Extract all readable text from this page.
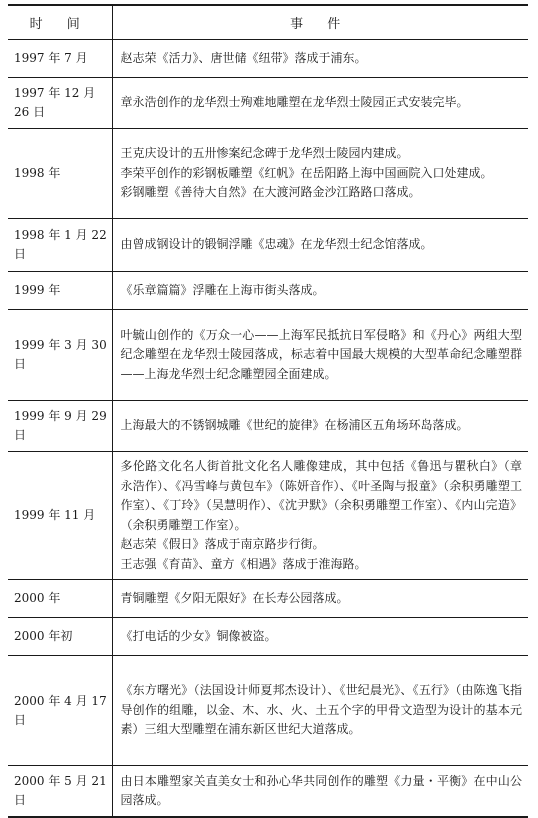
时 间	事 件
1997 年 7 月	赵志荣《活力》、唐世储《纽带》落成于浦东。

1997 年 12 月 26 日	章永浩创作的龙华烈士殉难地雕塑在龙华烈士陵园正式安装完毕。

1998 年	王克庆设计的五卅惨案纪念碑于龙华烈士陵园内建成。
李荣平创作的彩钢板雕塑《红帆》在岳阳路上海中国画院入口处建成。
彩钢雕塑《善待大自然》在大渡河路金沙江路路口落成。

1998 年 1 月 22 日	由曾成钢设计的锻铜浮雕《忠魂》在龙华烈士纪念馆落成。

1999 年	《乐章篇篇》浮雕在上海市街头落成。

1999 年 3 月 30 日	叶毓山创作的《万众一心——上海军民抵抗日军侵略》和《丹心》两组大型纪念雕塑在龙华烈士陵园落成，标志着中国最大规模的大型革命纪念雕塑群——上海龙华烈士纪念雕塑园全面建成。

1999 年 9 月 29 日	上海最大的不锈钢城雕《世纪的旋律》在杨浦区五角场环岛落成。

1999 年 11 月	多伦路文化名人街首批文化名人雕像建成，其中包括《鲁迅与瞿秋白》（章永浩作）、《冯雪峰与黄包车》（陈妍音作）、《叶圣陶与报童》（余积勇雕塑工作室）、《丁玲》（吴慧明作）、《沈尹默》（余积勇雕塑工作室）、《内山完造》（余积勇雕塑工作室）。
赵志荣《假日》落成于南京路步行街。
王志强《育苗》、童方《相遇》落成于淮海路。

2000 年	青铜雕塑《夕阳无限好》在长寿公园落成。

2000 年初	《打电话的少女》铜像被盗。

2000 年 4 月 17 日	《东方曙光》（法国设计师夏邦杰设计）、《世纪晨光》、《五行》（由陈逸飞指导创作的组雕，以金、木、水、火、土五个字的甲骨文造型为设计的基本元素）三组大型雕塑在浦东新区世纪大道落成。

2000 年 5 月 21 日	由日本雕塑家关直美女士和孙心华共同创作的雕塑《力量・平衡》在中山公园落成。
